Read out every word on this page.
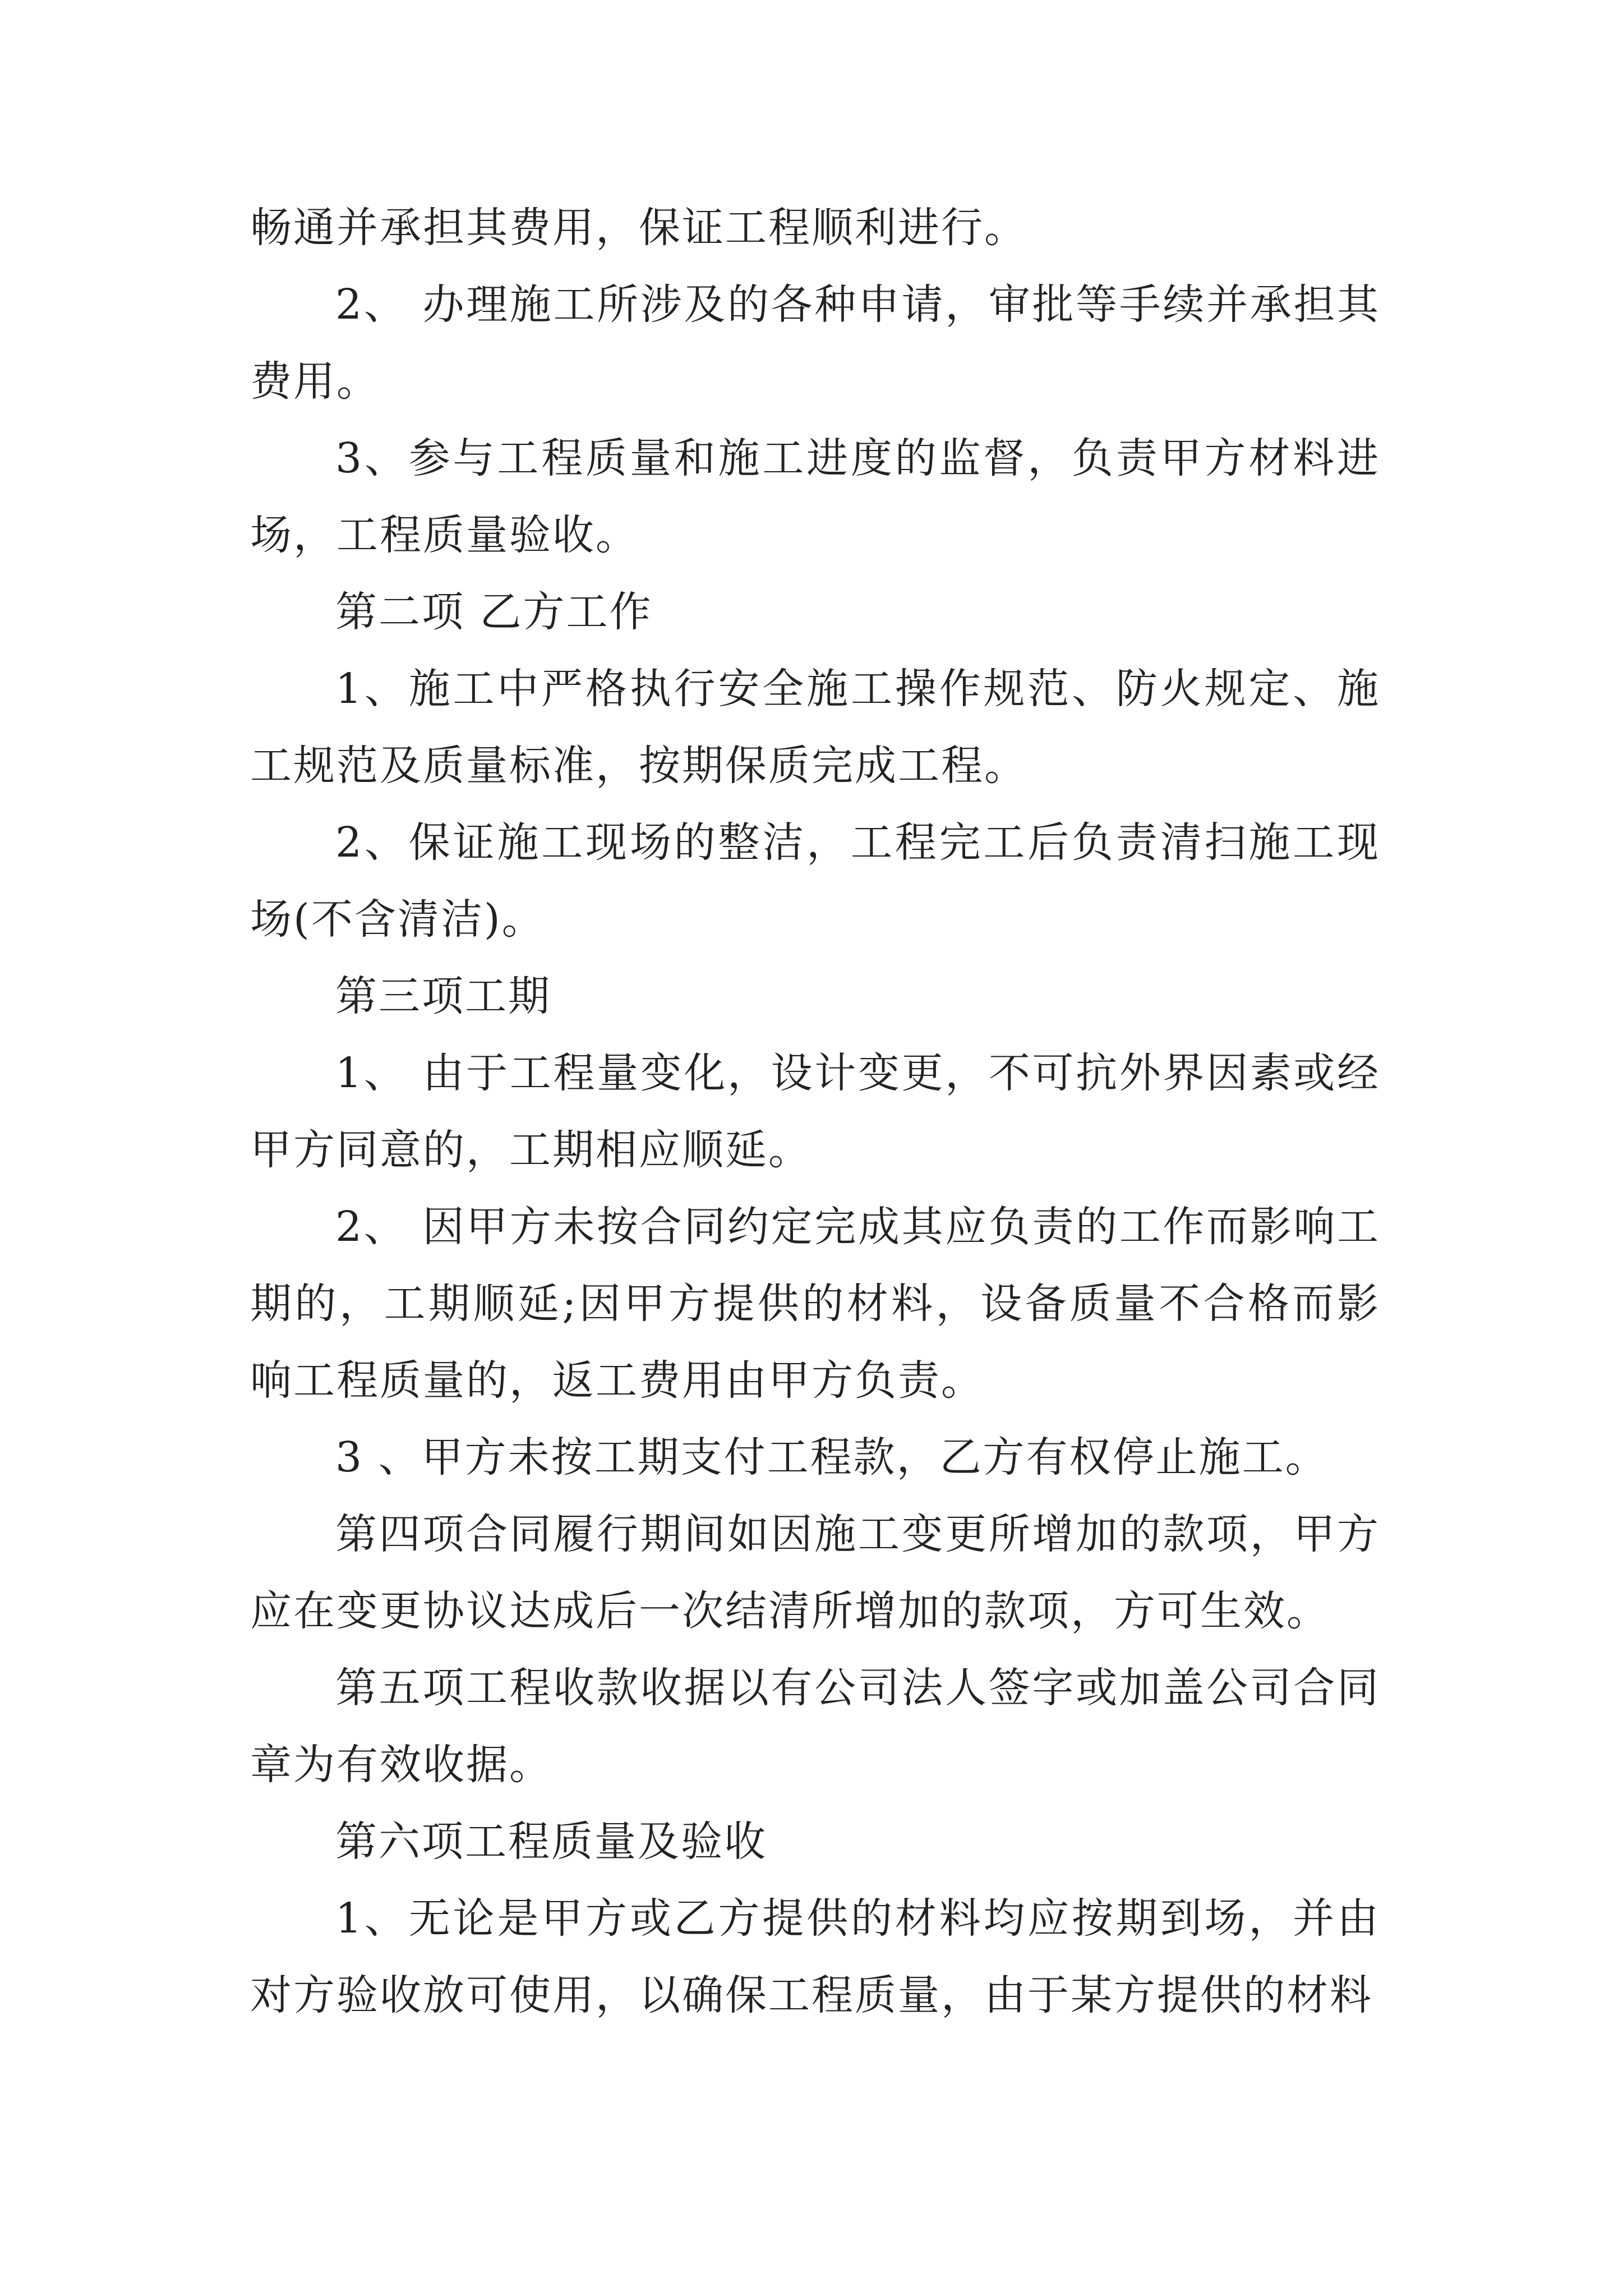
畅通并承担其费用，保证工程顺利进行。

2、 办理施工所涉及的各种申请，审批等手续并承担其费用。

3、参与工程质量和施工进度的监督，负责甲方材料进场，工程质量验收。

第二项 乙方工作

1、施工中严格执行安全施工操作规范、防火规定、施工规范及质量标准，按期保质完成工程。

2、保证施工现场的整洁，工程完工后负责清扫施工现场(不含清洁)。

第三项工期

1、 由于工程量变化，设计变更，不可抗外界因素或经甲方同意的，工期相应顺延。

2、 因甲方未按合同约定完成其应负责的工作而影响工期的，工期顺延;因甲方提供的材料，设备质量不合格而影响工程质量的，返工费用由甲方负责。

3 、甲方未按工期支付工程款，乙方有权停止施工。

第四项合同履行期间如因施工变更所增加的款项，甲方应在变更协议达成后一次结清所增加的款项，方可生效。

第五项工程收款收据以有公司法人签字或加盖公司合同章为有效收据。

第六项工程质量及验收

1、无论是甲方或乙方提供的材料均应按期到场，并由对方验收放可使用，以确保工程质量，由于某方提供的材料
